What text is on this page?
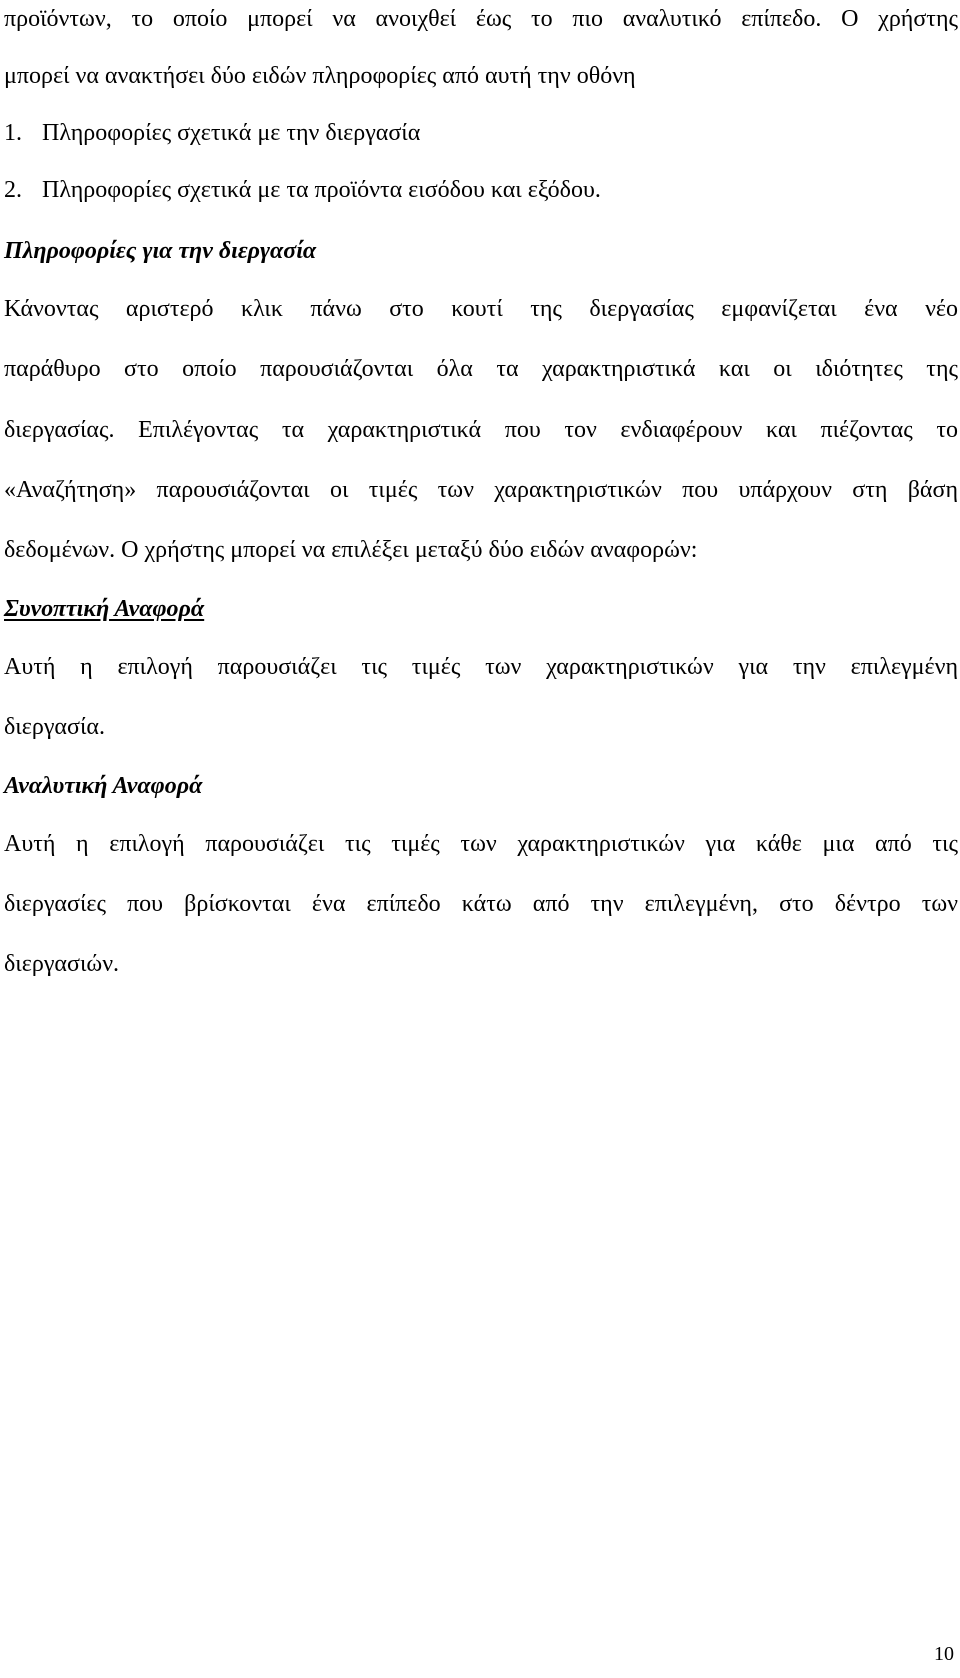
προϊόντων, το οποίο μπορεί να ανοιχθεί έως το πιο αναλυτικό επίπεδο. Ο χρήστης
μπορεί να ανακτήσει δύο ειδών πληροφορίες από αυτή την οθόνη
1. Πληροφορίες σχετικά με την διεργασία
2. Πληροφορίες σχετικά με τα προϊόντα εισόδου και εξόδου.
Πληροφορίες για την διεργασία
Κάνοντας αριστερό κλικ πάνω στο κουτί της διεργασίας εμφανίζεται ένα νέο
παράθυρο στο οποίο παρουσιάζονται όλα τα χαρακτηριστικά και οι ιδιότητες της
διεργασίας. Επιλέγοντας τα χαρακτηριστικά που τον ενδιαφέρουν και πιέζοντας το
«Αναζήτηση» παρουσιάζονται οι τιμές των χαρακτηριστικών που υπάρχουν στη βάση
δεδομένων. Ο χρήστης μπορεί να επιλέξει μεταξύ δύο ειδών αναφορών:
Συνοπτική Αναφορά
Αυτή η επιλογή παρουσιάζει τις τιμές των χαρακτηριστικών για την επιλεγμένη
διεργασία.
Αναλυτική Αναφορά
Αυτή η επιλογή παρουσιάζει τις τιμές των χαρακτηριστικών για κάθε μια από τις
διεργασίες που βρίσκονται ένα επίπεδο κάτω από την επιλεγμένη, στο δέντρο των
διεργασιών.
10
